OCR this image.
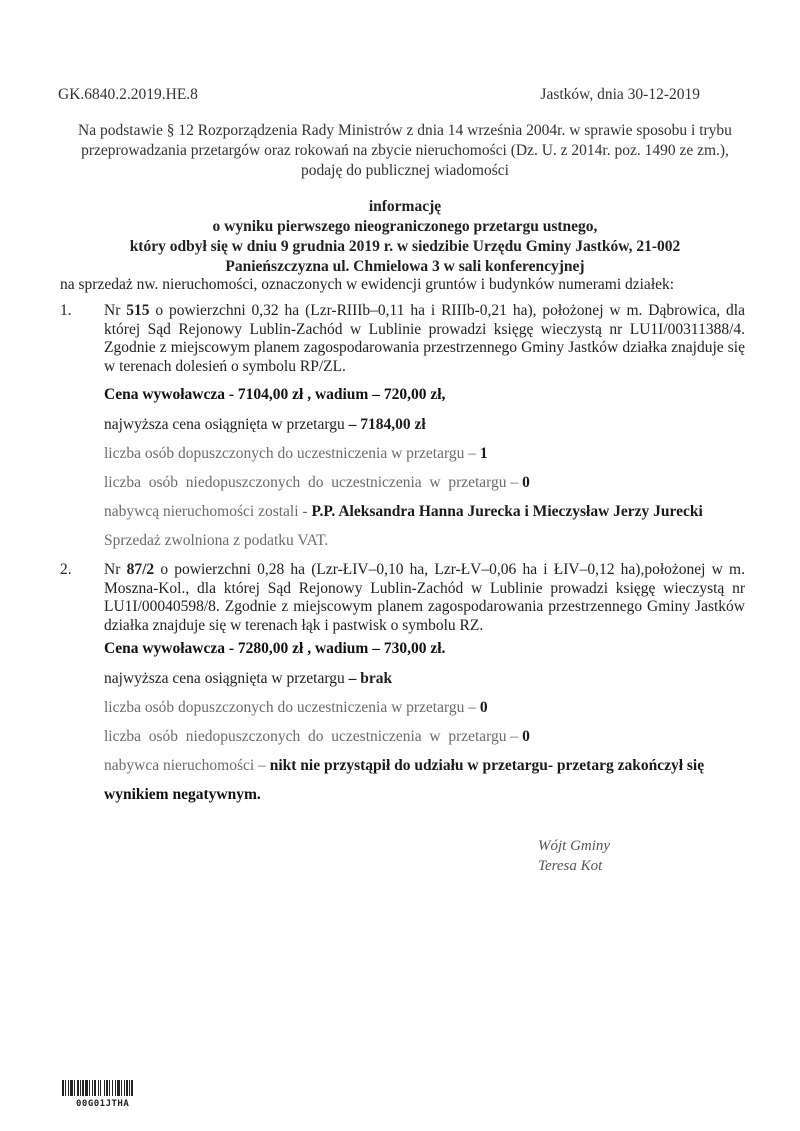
GK.6840.2.2019.HE.8	Jastków, dnia 30-12-2019
Na podstawie § 12 Rozporządzenia Rady Ministrów z dnia 14 września 2004r. w sprawie sposobu i trybu przeprowadzania przetargów oraz rokowań na zbycie nieruchomości (Dz. U. z 2014r. poz. 1490 ze zm.), podaję do publicznej wiadomości
informację
o wyniku pierwszego nieograniczonego przetargu ustnego,
który odbył się w dniu 9 grudnia 2019 r. w siedzibie Urzędu Gminy Jastków, 21-002
Panieńszczyzna ul. Chmielowa 3 w sali konferencyjnej
na sprzedaż nw. nieruchomości, oznaczonych w ewidencji gruntów i budynków numerami działek:
1. Nr 515 o powierzchni 0,32 ha (Lzr-RIIIb–0,11 ha i RIIIb-0,21 ha), położonej w m. Dąbrowica, dla której Sąd Rejonowy Lublin-Zachód w Lublinie prowadzi księgę wieczystą nr LU1I/00311388/4. Zgodnie z miejscowym planem zagospodarowania przestrzennego Gminy Jastków działka znajduje się w terenach dolesień o symbolu RP/ZL.
Cena wywoławcza - 7104,00 zł , wadium – 720,00 zł,
najwyższa cena osiągnięta w przetargu – 7184,00 zł
liczba osób dopuszczonych do uczestniczenia w przetargu – 1
liczba  osób  niedopuszczonych  do  uczestniczenia  w  przetargu – 0
nabywcą nieruchomości zostali - P.P. Aleksandra Hanna Jurecka i Mieczysław Jerzy Jurecki
Sprzedaż zwolniona z podatku VAT.
2. Nr 87/2 o powierzchni 0,28 ha (Lzr-ŁIV–0,10 ha, Lzr-ŁV–0,06 ha i ŁIV–0,12 ha),położonej w m. Moszna-Kol., dla której Sąd Rejonowy Lublin-Zachód w Lublinie prowadzi księgę wieczystą nr LU1I/00040598/8. Zgodnie z miejscowym planem zagospodarowania przestrzennego Gminy Jastków działka znajduje się w terenach łąk i pastwisk o symbolu RZ.
Cena wywoławcza - 7280,00 zł , wadium – 730,00 zł.
najwyższa cena osiągnięta w przetargu – brak
liczba osób dopuszczonych do uczestniczenia w przetargu – 0
liczba  osób  niedopuszczonych  do  uczestniczenia  w  przetargu – 0
nabywca nieruchomości – nikt nie przystąpił do udziału w przetargu- przetarg zakończył się
wynikiem negatywnym.
Wójt Gminy
Teresa Kot
00G01JTHA
